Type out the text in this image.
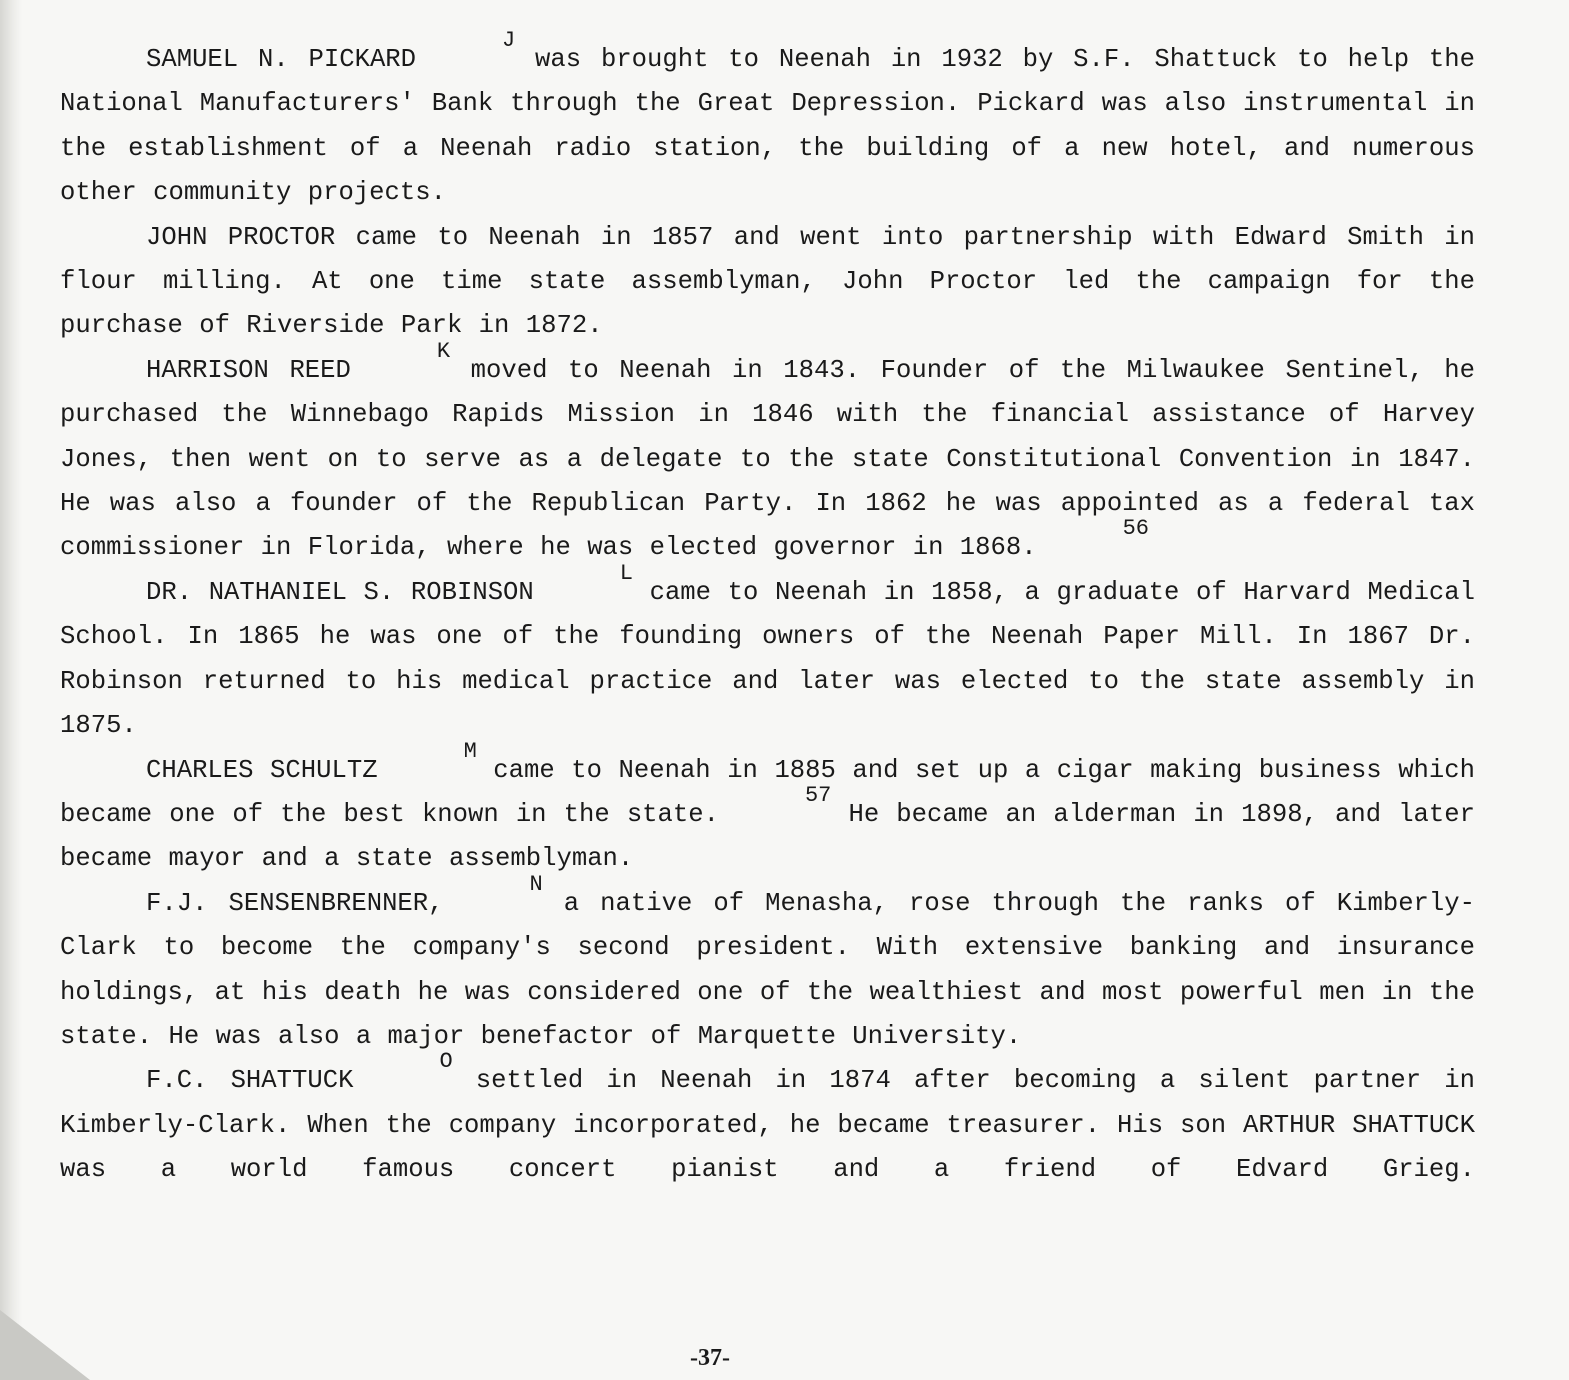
SAMUEL N. PICKARDJ was brought to Neenah in 1932 by S.F. Shattuck to help the National Manufacturers' Bank through the Great Depression. Pickard was also instrumental in the establishment of a Neenah radio station, the building of a new hotel, and numerous other community projects.

JOHN PROCTOR came to Neenah in 1857 and went into partnership with Edward Smith in flour milling. At one time state assemblyman, John Proctor led the campaign for the purchase of Riverside Park in 1872.

HARRISON REEDK moved to Neenah in 1843. Founder of the Milwaukee Sentinel, he purchased the Winnebago Rapids Mission in 1846 with the financial assistance of Harvey Jones, then went on to serve as a delegate to the state Constitutional Convention in 1847. He was also a founder of the Republican Party. In 1862 he was appointed as a federal tax commissioner in Florida, where he was elected governor in 1868.56

DR. NATHANIEL S. ROBINSONL came to Neenah in 1858, a graduate of Harvard Medical School. In 1865 he was one of the founding owners of the Neenah Paper Mill. In 1867 Dr. Robinson returned to his medical practice and later was elected to the state assembly in 1875.

CHARLES SCHULTZM came to Neenah in 1885 and set up a cigar making business which became one of the best known in the state.57 He became an alderman in 1898, and later became mayor and a state assemblyman.

F.J. SENSENBRENNER,N a native of Menasha, rose through the ranks of Kimberly-Clark to become the company's second president. With extensive banking and insurance holdings, at his death he was considered one of the wealthiest and most powerful men in the state. He was also a major benefactor of Marquette University.

F.C. SHATTUCKO settled in Neenah in 1874 after becoming a silent partner in Kimberly-Clark. When the company incorporated, he became treasurer. His son ARTHUR SHATTUCK was a world famous concert pianist and a friend of Edvard Grieg.

-37-
